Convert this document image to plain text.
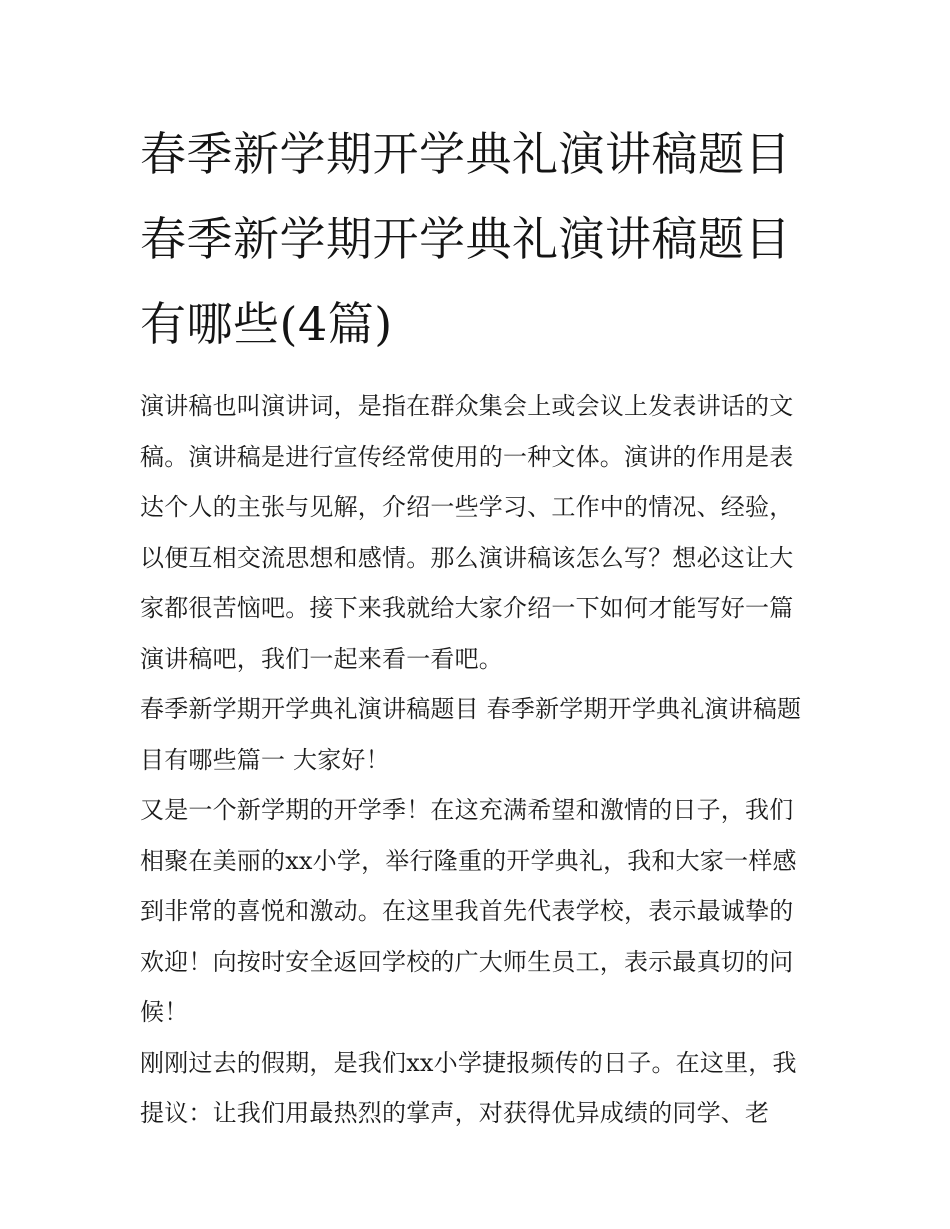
春季新学期开学典礼演讲稿题目 春季新学期开学典礼演讲稿题目有哪些(4篇)

演讲稿也叫演讲词，是指在群众集会上或会议上发表讲话的文稿。演讲稿是进行宣传经常使用的一种文体。演讲的作用是表达个人的主张与见解，介绍一些学习、工作中的情况、经验，以便互相交流思想和感情。那么演讲稿该怎么写？想必这让大家都很苦恼吧。接下来我就给大家介绍一下如何才能写好一篇演讲稿吧，我们一起来看一看吧。

春季新学期开学典礼演讲稿题目 春季新学期开学典礼演讲稿题目有哪些篇一 大家好！

又是一个新学期的开学季！在这充满希望和激情的日子，我们相聚在美丽的xx小学，举行隆重的开学典礼，我和大家一样感到非常的喜悦和激动。在这里我首先代表学校，表示最诚挚的欢迎！向按时安全返回学校的广大师生员工，表示最真切的问候！

刚刚过去的假期，是我们xx小学捷报频传的日子。在这里，我提议：让我们用最热烈的掌声，对获得优异成绩的同学、老
